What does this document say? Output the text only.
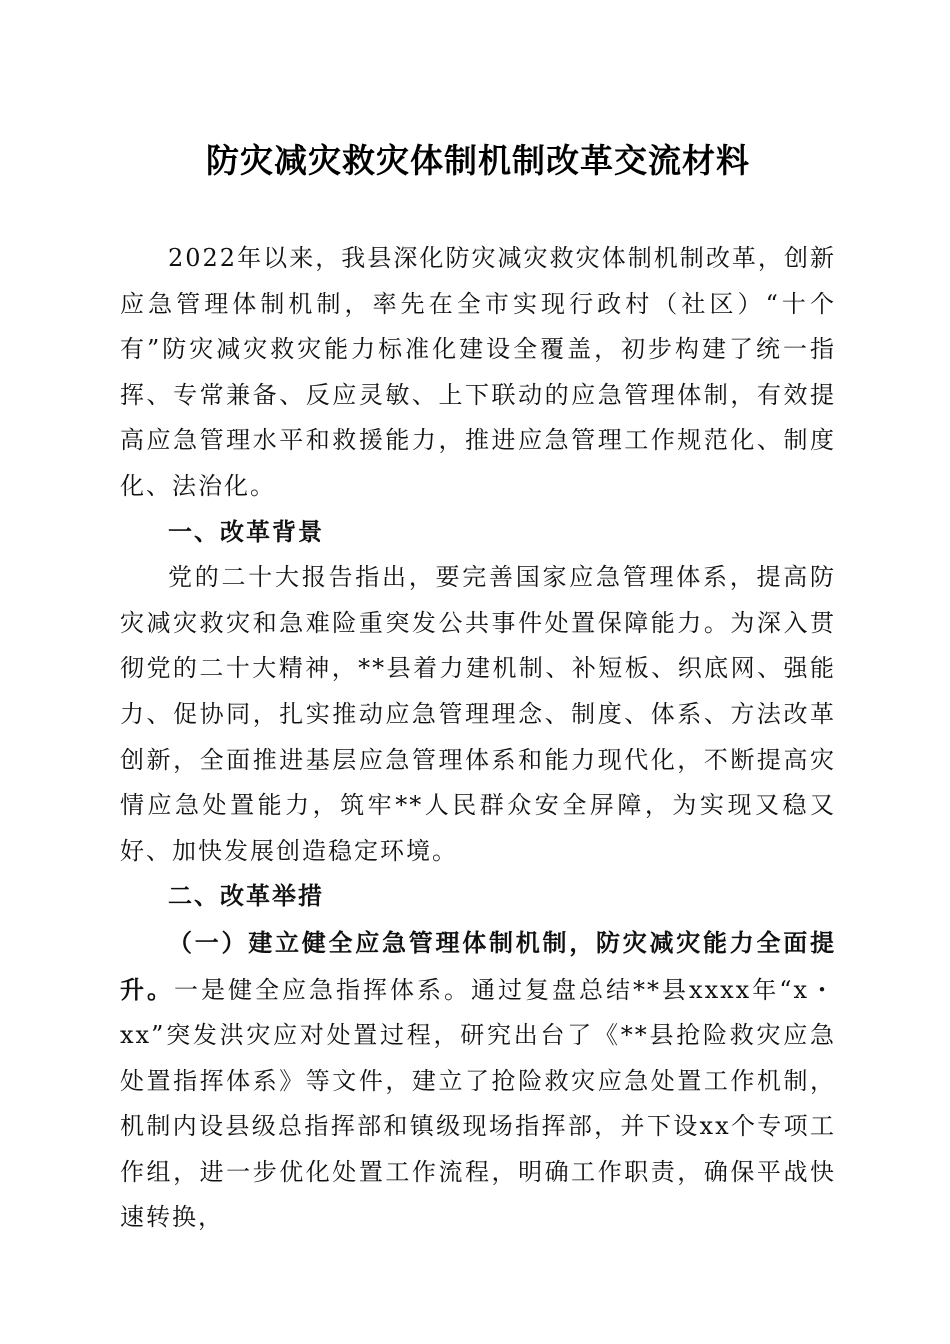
防灾减灾救灾体制机制改革交流材料

2022年以来，我县深化防灾减灾救灾体制机制改革，创新应急管理体制机制，率先在全市实现行政村（社区）“十个有”防灾减灾救灾能力标准化建设全覆盖，初步构建了统一指挥、专常兼备、反应灵敏、上下联动的应急管理体制，有效提高应急管理水平和救援能力，推进应急管理工作规范化、制度化、法治化。

一、改革背景

党的二十大报告指出，要完善国家应急管理体系，提高防灾减灾救灾和急难险重突发公共事件处置保障能力。为深入贯彻党的二十大精神，**县着力建机制、补短板、织底网、强能力、促协同，扎实推动应急管理理念、制度、体系、方法改革创新，全面推进基层应急管理体系和能力现代化，不断提高灾情应急处置能力，筑牢**人民群众安全屏障，为实现又稳又好、加快发展创造稳定环境。

二、改革举措

（一）建立健全应急管理体制机制，防灾减灾能力全面提升。一是健全应急指挥体系。通过复盘总结**县xxxx年“x・xx”突发洪灾应对处置过程，研究出台了《**县抢险救灾应急处置指挥体系》等文件，建立了抢险救灾应急处置工作机制，机制内设县级总指挥部和镇级现场指挥部，并下设xx个专项工作组，进一步优化处置工作流程，明确工作职责，确保平战快速转换，
